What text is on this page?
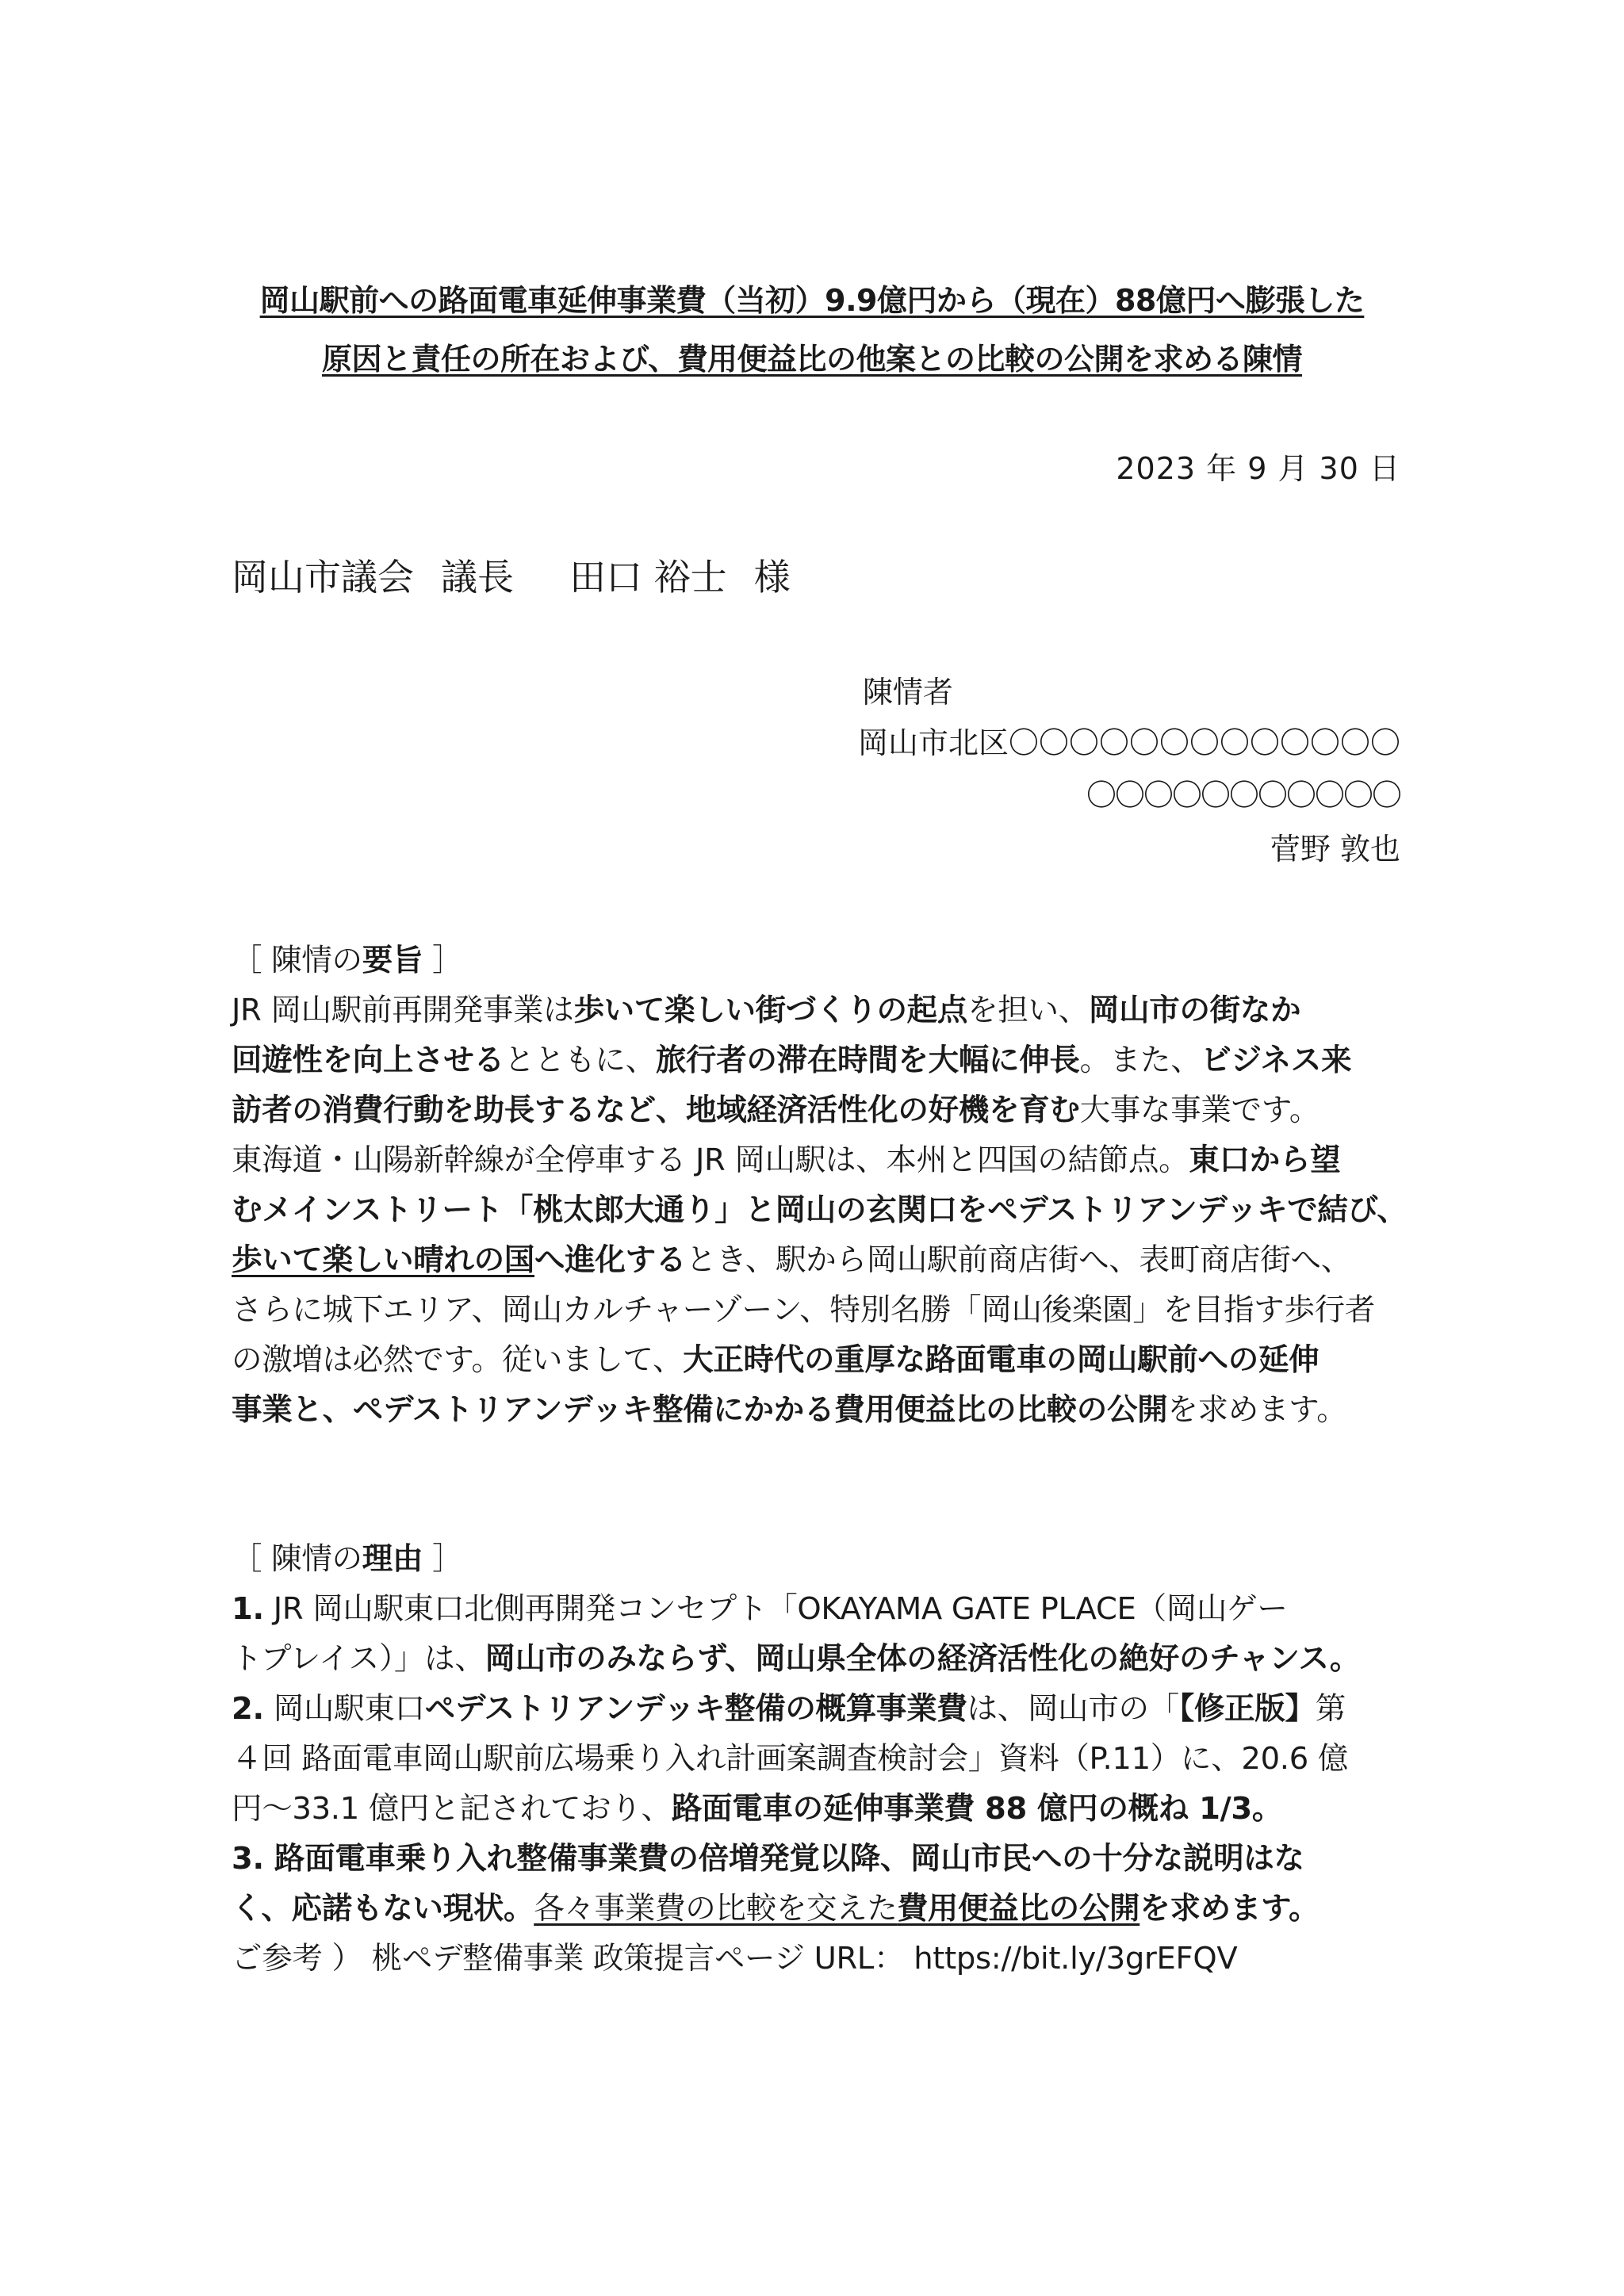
岡山駅前への路面電車延伸事業費（当初）9.9億円から（現在）88億円へ膨張した
原因と責任の所在および、費用便益比の他案との比較の公開を求める陳情
2023 年 9 月 30 日
岡山市議会 議長 田口 裕士 様
陳情者
岡山市北区〇〇〇〇〇〇〇〇〇〇〇〇〇
〇〇〇〇〇〇〇〇〇〇〇
菅野 敦也
［ 陳情の要旨 ］
JR 岡山駅前再開発事業は歩いて楽しい街づくりの起点を担い、岡山市の街なか
回遊性を向上させるとともに、旅行者の滞在時間を大幅に伸長。また、ビジネス来
訪者の消費行動を助長するなど、地域経済活性化の好機を育む大事な事業です。
東海道・山陽新幹線が全停車する JR 岡山駅は、本州と四国の結節点。東口から望
むメインストリート「桃太郎大通り」と岡山の玄関口をペデストリアンデッキで結び、
歩いて楽しい晴れの国へ進化するとき、駅から岡山駅前商店街へ、表町商店街へ、
さらに城下エリア、岡山カルチャーゾーン、特別名勝「岡山後楽園」を目指す歩行者
の激増は必然です。従いまして、大正時代の重厚な路面電車の岡山駅前への延伸
事業と、ペデストリアンデッキ整備にかかる費用便益比の比較の公開を求めます。
［ 陳情の理由 ］
1. JR 岡山駅東口北側再開発コンセプト「OKAYAMA GATE PLACE（岡山ゲー
トプレイス）」は、岡山市のみならず、岡山県全体の経済活性化の絶好のチャンス。
2. 岡山駅東口ペデストリアンデッキ整備の概算事業費は、岡山市の「【修正版】第
４回 路面電車岡山駅前広場乗り入れ計画案調査検討会」資料（P.11）に、20.6 億
円～33.1 億円と記されており、路面電車の延伸事業費 88 億円の概ね 1/3。
3. 路面電車乗り入れ整備事業費の倍増発覚以降、岡山市民への十分な説明はな
く、応諾もない現状。各々事業費の比較を交えた費用便益比の公開を求めます。
ご参考 ） 桃ペデ整備事業 政策提言ページ URL： https://bit.ly/3grEFQV
